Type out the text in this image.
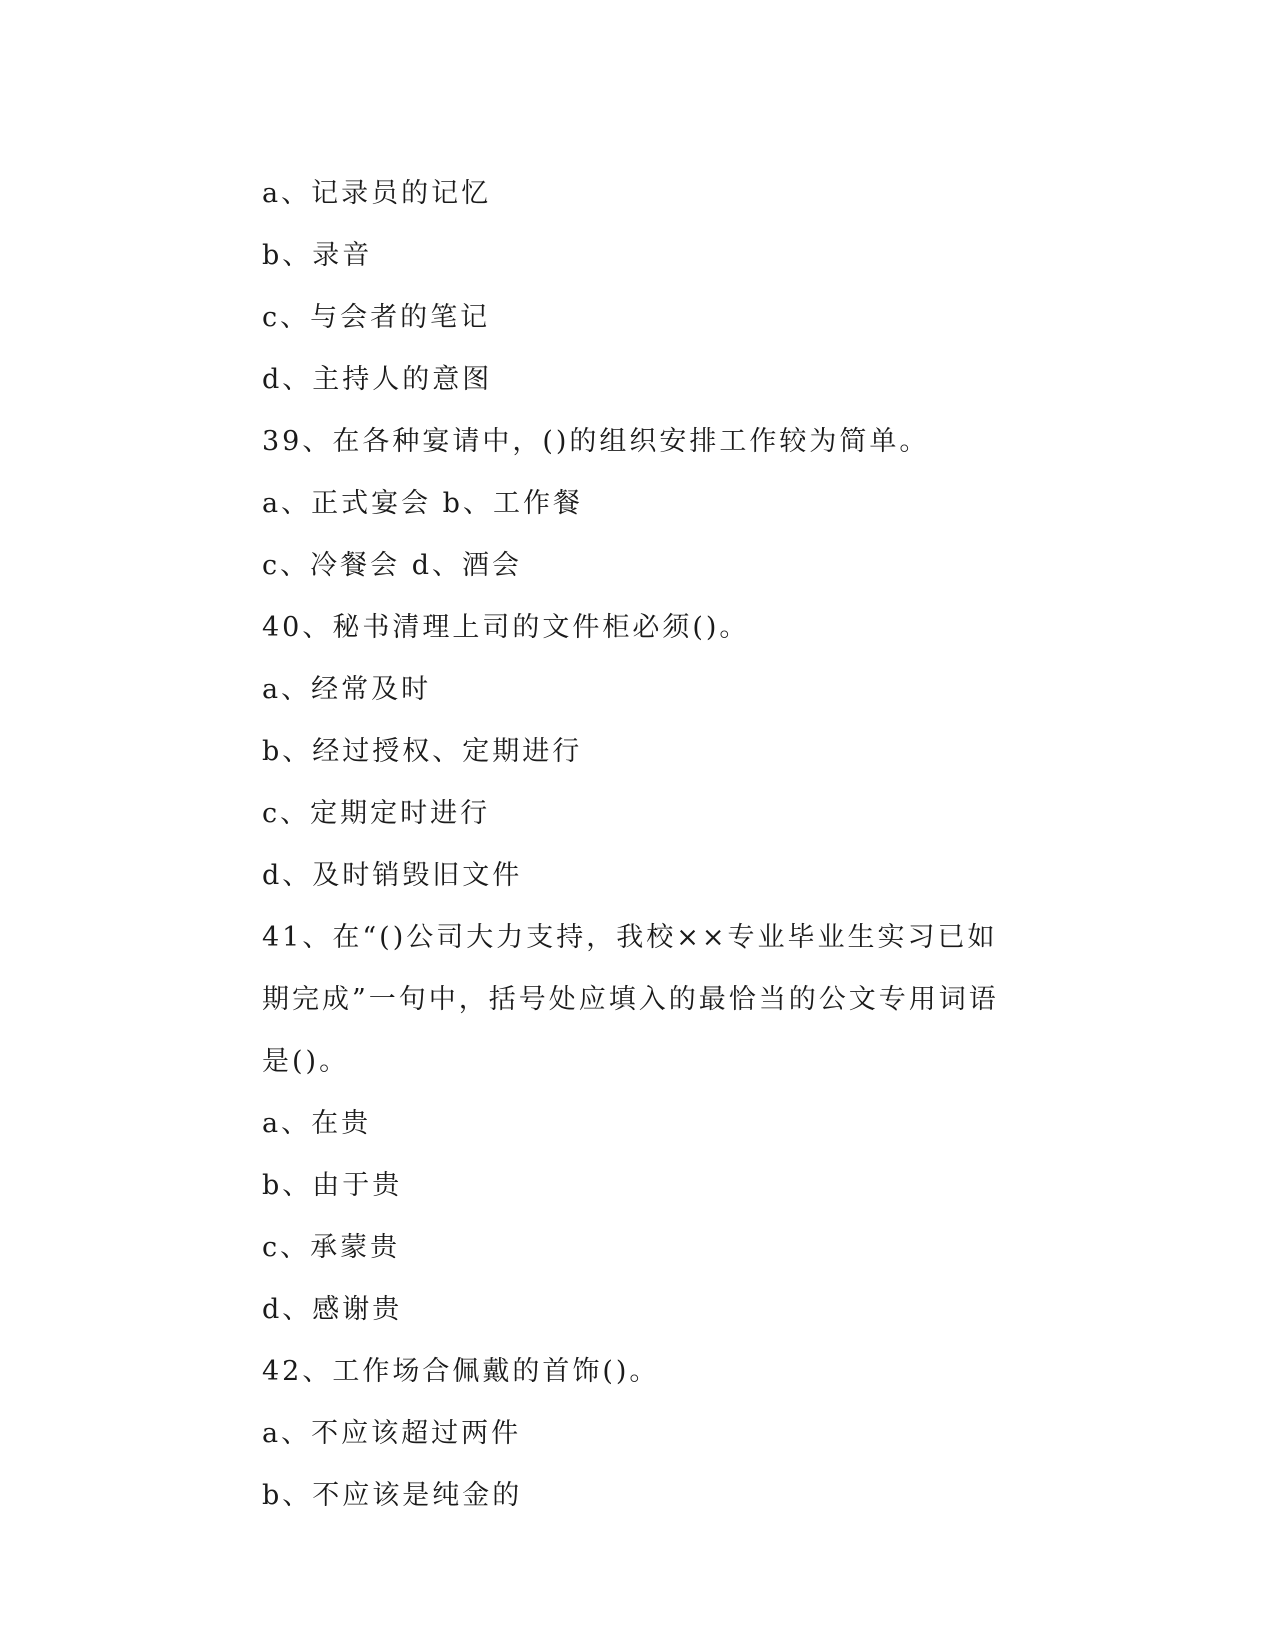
a、记录员的记忆
b、录音
c、与会者的笔记
d、主持人的意图
39、在各种宴请中，()的组织安排工作较为简单。
a、正式宴会 b、工作餐
c、冷餐会 d、酒会
40、秘书清理上司的文件柜必须()。
a、经常及时
b、经过授权、定期进行
c、定期定时进行
d、及时销毁旧文件
41、在“()公司大力支持，我校××专业毕业生实习已如期完成”一句中，括号处应填入的最恰当的公文专用词语是()。
a、在贵
b、由于贵
c、承蒙贵
d、感谢贵
42、工作场合佩戴的首饰()。
a、不应该超过两件
b、不应该是纯金的
